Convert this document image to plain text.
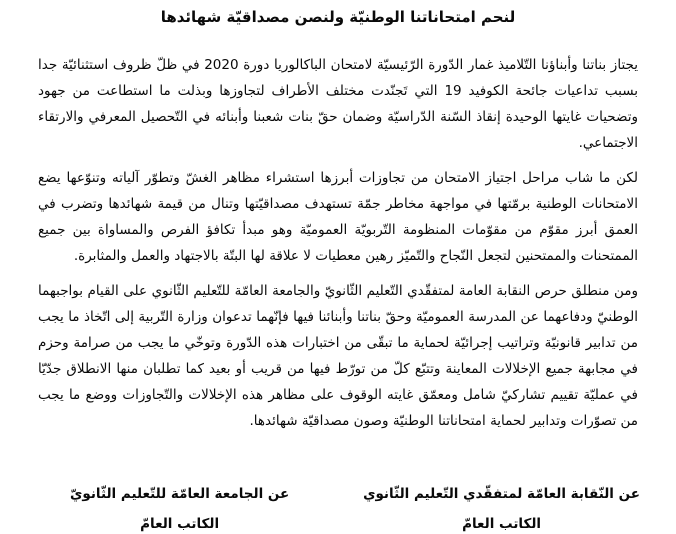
لنحم امتحاناتنا الوطنيّة ولنصن مصداقيّة شهائدها

يجتاز بناتنا وأبناؤنا التّلاميذ غمار الدّورة الرّئيسيّة لامتحان الباكالوريا دورة 2020 في ظلّ ظروف استثنائيّة جدا بسبب تداعيات جائحة الكوفيد 19 التي تَجنّدت مختلف الأطراف لتجاوزها وبذلت ما استطاعت من جهود وتضحيات غايتها الوحيدة إنقاذ السّنة الدّراسيّة وضمان حقّ بنات شعبنا وأبنائه في التّحصيل المعرفي والارتقاء الاجتماعي.

لكن ما شاب مراحل اجتياز الامتحان من تجاوزات أبرزها استشراء مظاهر الغشّ وتطوّر آلياته وتنوّعها يضع الامتحانات الوطنية برمّتها في مواجهة مخاطر جمّة تستهدف مصداقيّتها وتنال من قيمة شهائدها وتضرب في العمق أبرز مقوّم من مقوّمات المنظومة التّربويّة العموميّة وهو مبدأ تكافؤ الفرص والمساواة بين جميع الممتحنات والممتحنين لتجعل النّجاح والتّميّز رهين معطيات لا علاقة لها البتّة بالاجتهاد والعمل والمثابرة.

ومن منطلق حرص النقابة العامة لمتفقّدي التّعليم الثّانويّ والجامعة العامّة للتّعليم الثّانوي على القيام بواجبهما الوطنيّ ودفاعهما عن المدرسة العموميّة وحقّ بناتنا وأبنائنا فيها فإنّهما تدعوان وزارة التّربية إلى اتّخاذ ما يجب من تدابير قانونيّة وتراتيب إجرائيّة لحماية ما تبقّى من اختبارات هذه الدّورة وتوخّي ما يجب من صرامة وحزم في مجابهة جميع الإخلالات المعاينة وتتبّع كلّ من تورّط فيها من قريب أو بعيد كما تطلبان منها الانطلاق جدّيّا في عمليّة تقييم تشاركيّ شامل ومعمّق غايته الوقوف على مظاهر هذه الإخلالات والتّجاوزات ووضع ما يجب من تصوّرات وتدابير لحماية امتحاناتنا الوطنيّة وصون مصداقيّة شهائدها.

عن النّقابة العامّة لمتفقّدي التّعليم الثّانوي
الكاتب العامّ
عن الجامعة العامّة للتّعليم الثّانويّ
الكاتب العامّ
